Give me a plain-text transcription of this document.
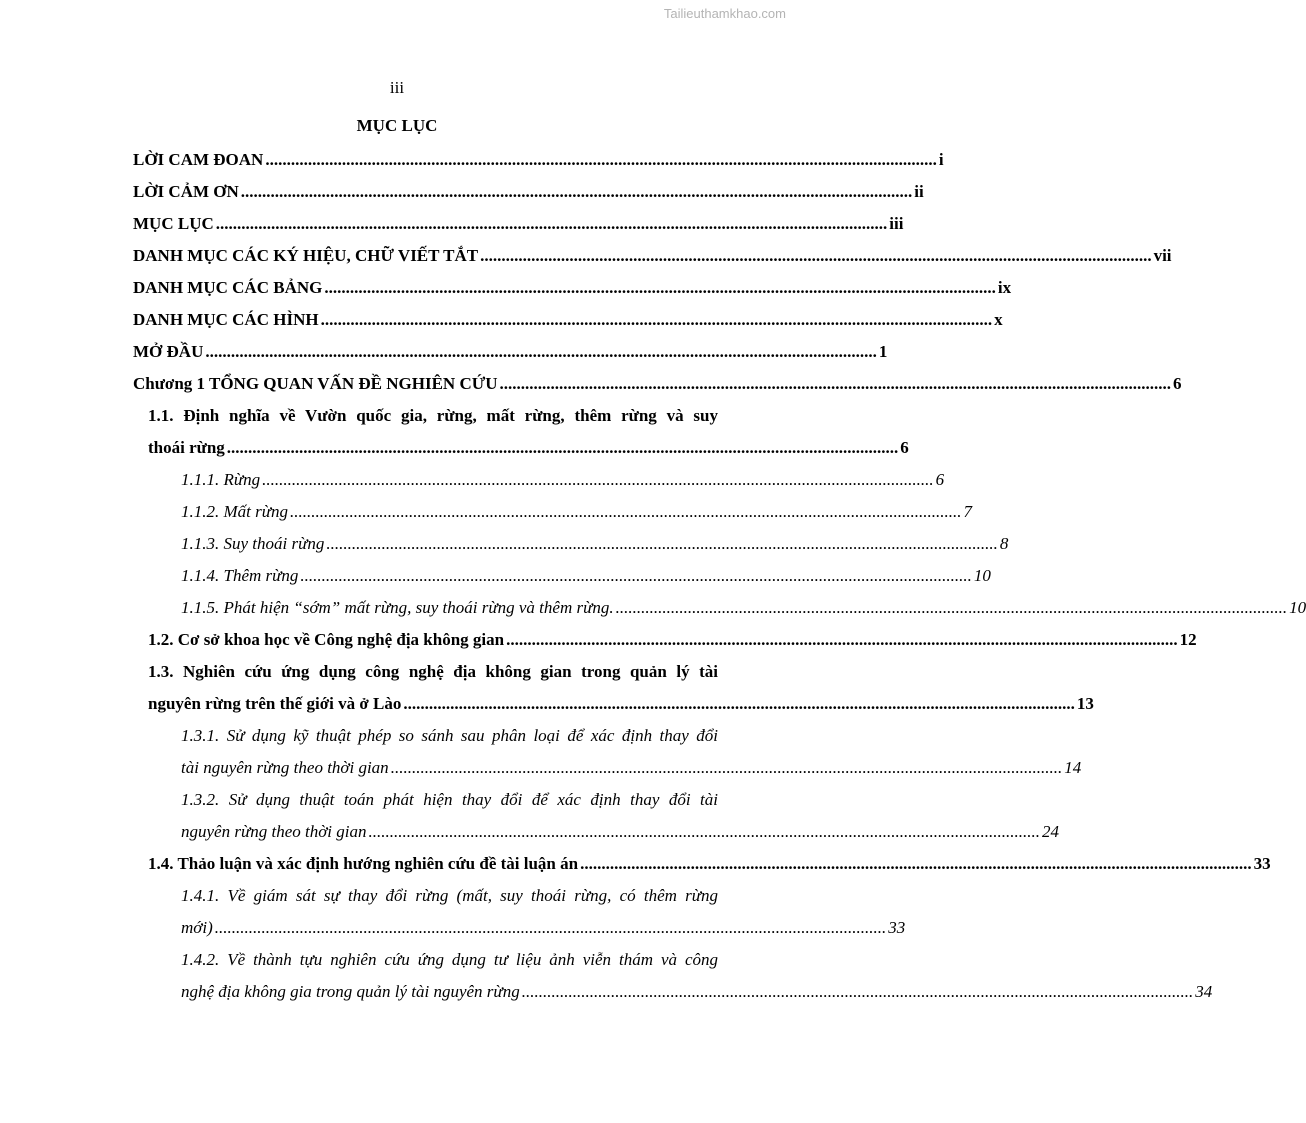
Tailieuthamkhao.com
iii
MỤC LỤC
LỜI CAM ĐOAN .............................................................................................................................................................. i
LỜI CẢM ƠN .............................................................................................................................................................. ii
MỤC LỤC .............................................................................................................................................................. iii
DANH MỤC CÁC KÝ HIỆU, CHỮ VIẾT TẮT .............................................................................................................................................................. vii
DANH MỤC CÁC BẢNG .............................................................................................................................................................. ix
DANH MỤC CÁC HÌNH .............................................................................................................................................................. x
MỞ ĐẦU .............................................................................................................................................................. 1
Chương 1 TỔNG QUAN VẤN ĐỀ NGHIÊN CỨU .............................................................................................................................................................. 6
1.1. Định nghĩa về Vườn quốc gia, rừng, mất rừng, thêm rừng và suy
thoái rừng .............................................................................................................................................................. 6
1.1.1. Rừng .............................................................................................................................................................. 6
1.1.2. Mất rừng .............................................................................................................................................................. 7
1.1.3. Suy thoái rừng .............................................................................................................................................................. 8
1.1.4. Thêm rừng .............................................................................................................................................................. 10
1.1.5. Phát hiện “sớm” mất rừng, suy thoái rừng và thêm rừng. .............................................................................................................................................................. 10
1.2. Cơ sở khoa học về Công nghệ địa không gian .............................................................................................................................................................. 12
1.3. Nghiên cứu ứng dụng công nghệ địa không gian trong quản lý tài
nguyên rừng trên thế giới và ở Lào .............................................................................................................................................................. 13
1.3.1. Sử dụng kỹ thuật phép so sánh sau phân loại để xác định thay đổi
tài nguyên rừng theo thời gian .............................................................................................................................................................. 14
1.3.2. Sử dụng thuật toán phát hiện thay đổi để xác định thay đổi tài
nguyên rừng theo thời gian .............................................................................................................................................................. 24
1.4. Thảo luận và xác định hướng nghiên cứu đề tài luận án .............................................................................................................................................................. 33
1.4.1. Về giám sát sự thay đổi rừng (mất, suy thoái rừng, có thêm rừng
mới) .............................................................................................................................................................. 33
1.4.2. Về thành tựu nghiên cứu ứng dụng tư liệu ảnh viễn thám và công
nghệ địa không gia trong quản lý tài nguyên rừng .............................................................................................................................................................. 34
